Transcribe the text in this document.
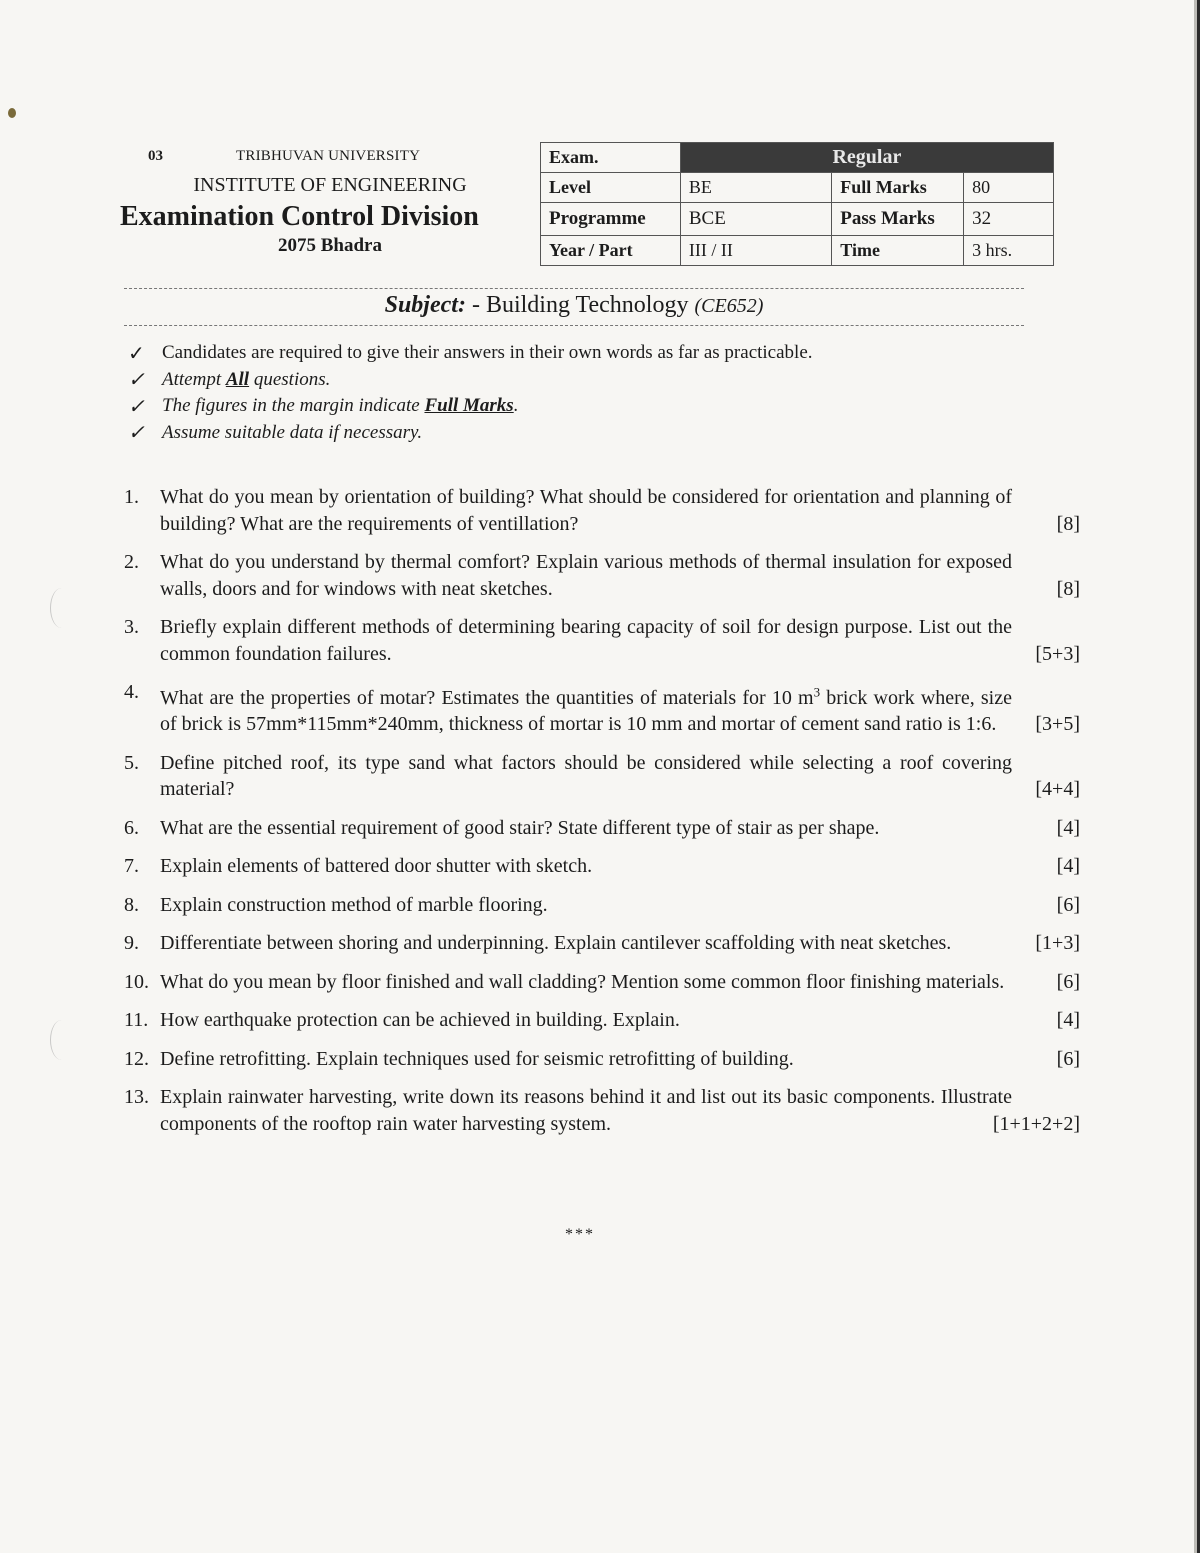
03	TRIBHUVAN UNIVERSITY
INSTITUTE OF ENGINEERING
Examination Control Division
2075 Bhadra
Exam.	Regular		
Level	BE	Full Marks	80
Programme	BCE	Pass Marks	32
Year / Part	III / II	Time	3 hrs.
Subject: - Building Technology (CE652)
✓ Candidates are required to give their answers in their own words as far as practicable.
✓ Attempt
All
questions.
✓ The figures in the margin indicate
Full Marks .
✓ Assume suitable data if necessary.
1.	What do you mean by orientation of building? What should be considered for orientation and planning of building? What are the requirements of ventillation?	[8]
2.	What do you understand by thermal comfort? Explain various methods of thermal insulation for exposed walls, doors and for windows with neat sketches.	[8]
3.	Briefly explain different methods of determining bearing capacity of soil for design purpose. List out the common foundation failures.	[5+3]
4.	What are the properties of motar? Estimates the quantities of materials for 10 $m^3$ brick work where, size of brick is 57mm*115mm*240mm, thickness of mortar is 10 mm and mortar of cement sand ratio is 1:6. [3+5]
5.	Define pitched roof, its type sand what factors should be considered while selecting a roof covering material?	[4+4]
6.	What are the essential requirement of good stair? State different type of stair as per shape.	[4]
7.	Explain elements of battered door shutter with sketch.	[4]
8.	Explain construction method of marble flooring.	[6]
9.	Differentiate between shoring and underpinning. Explain cantilever scaffolding with neat sketches.	[1+3]
10. What do you mean by floor finished and wall cladding? Mention some common floor finishing materials.	[6]
11. How earthquake protection can be achieved in building. Explain.	[4]
12. Define retrofitting. Explain techniques used for seismic retrofitting of building.	[6]
13. Explain rainwater harvesting, write down its reasons behind it and list out its basic components. Illustrate components of the rooftop rain water harvesting system.	[1+1+2+2]
***
